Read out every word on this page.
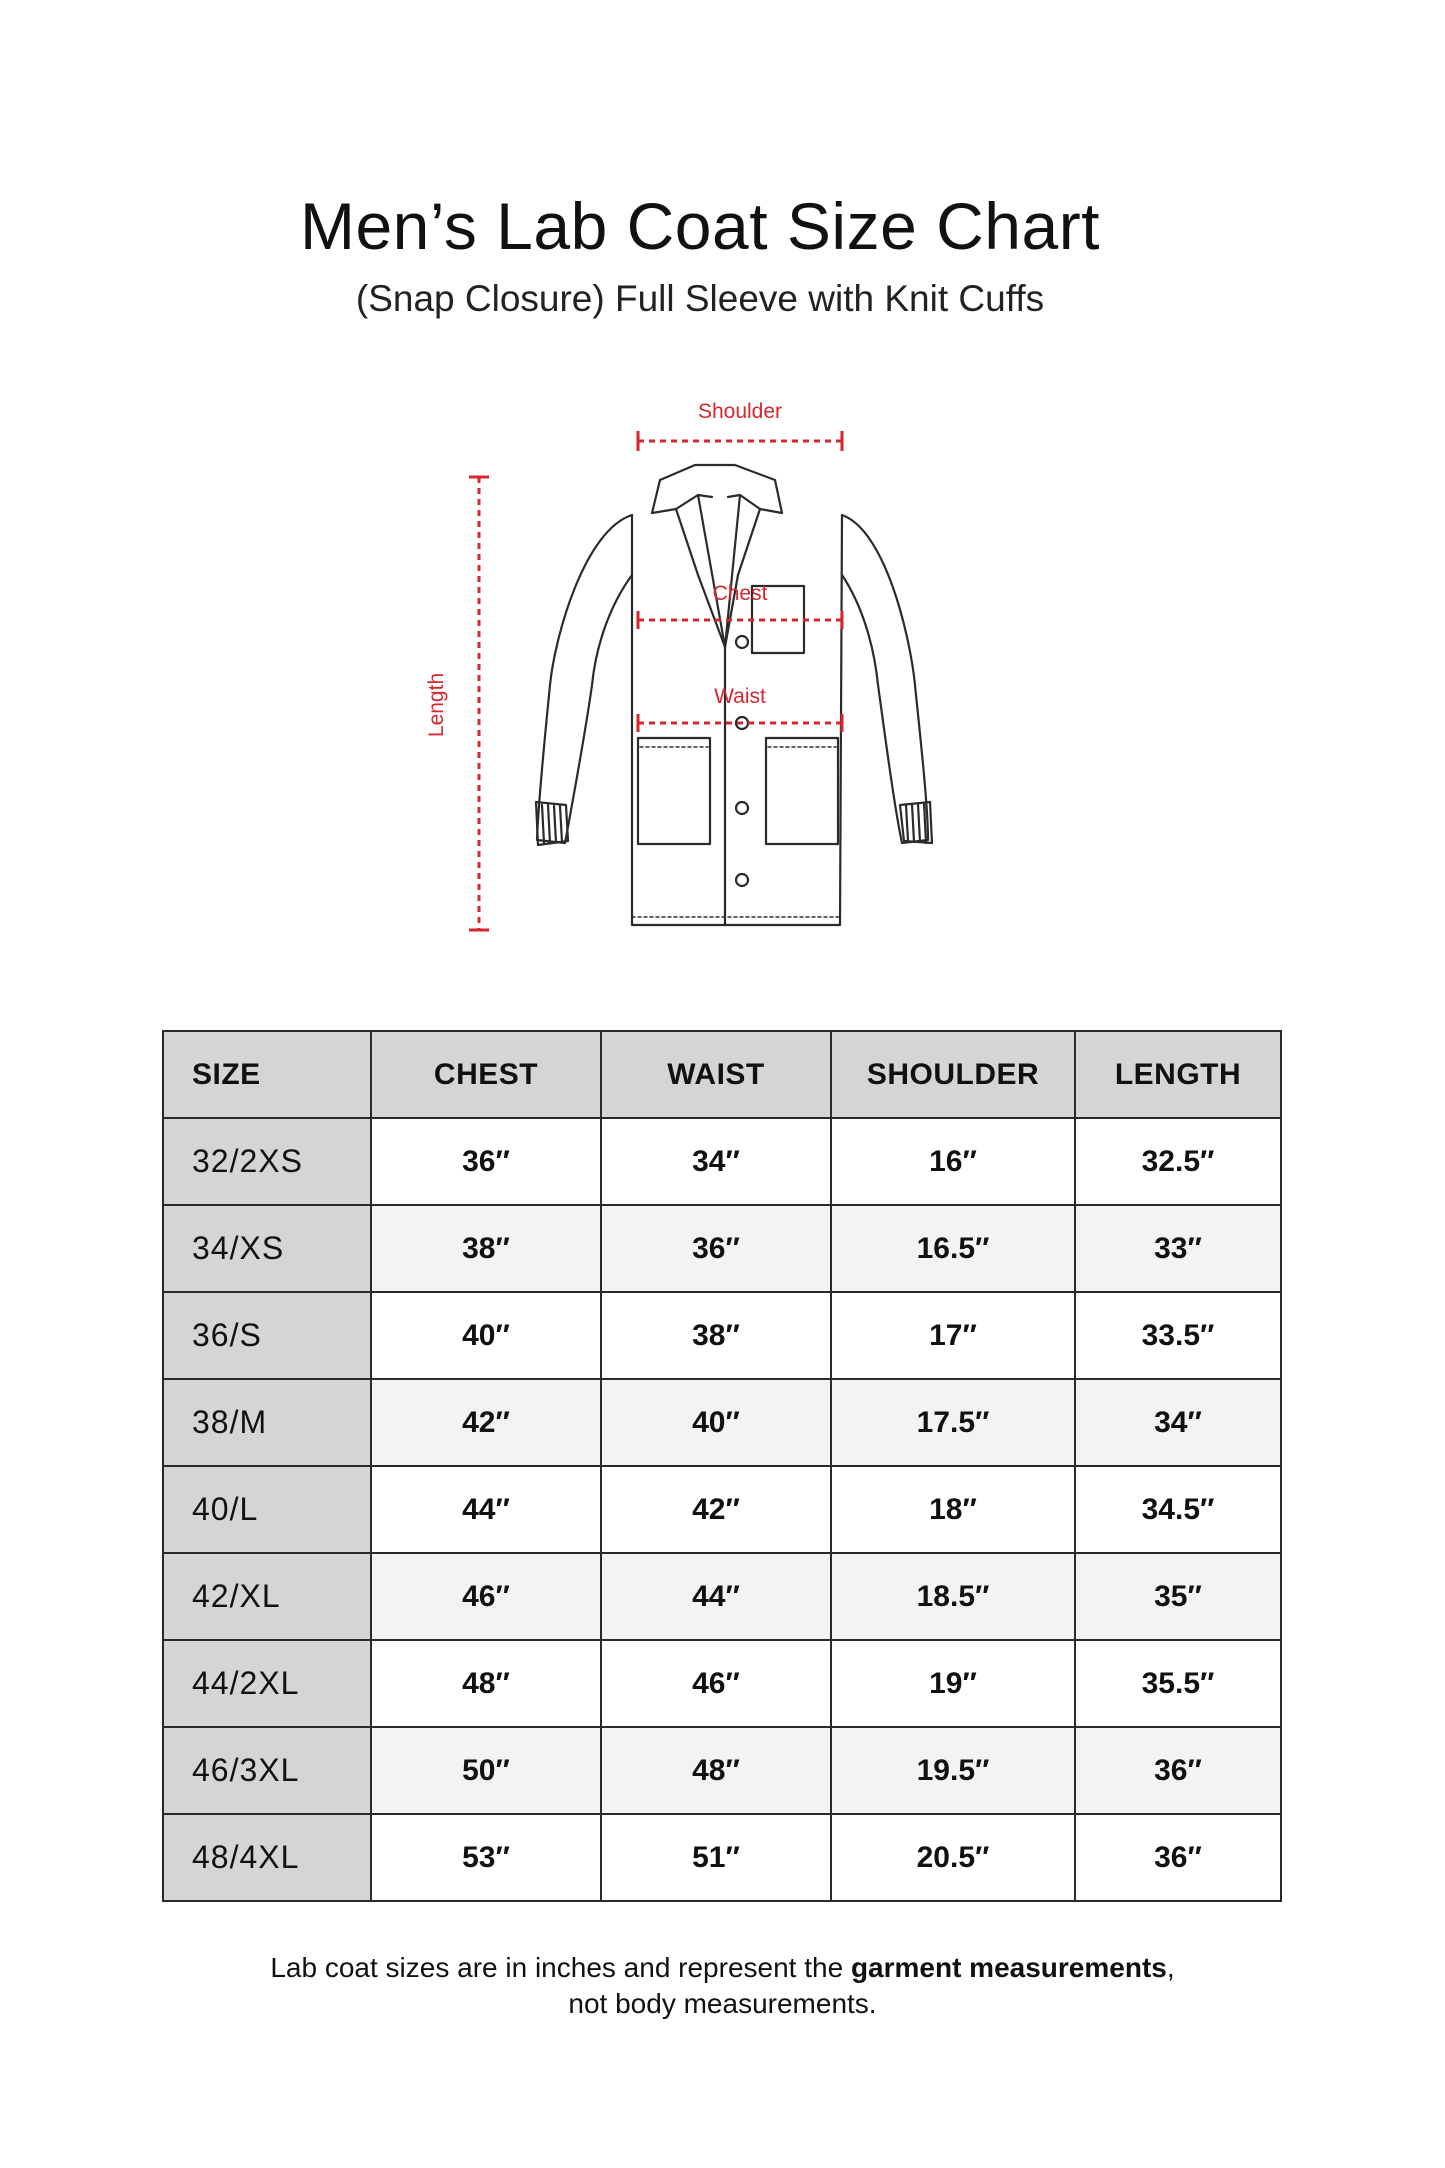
Men’s Lab Coat Size Chart
(Snap Closure) Full Sleeve with Knit Cuffs
Shoulder
Chest
Waist
Length
SIZE	CHEST	WAIST	SHOULDER	LENGTH
32/2XS	36″	34″	16″	32.5″
34/XS	38″	36″	16.5″	33″
36/S	40″	38″	17″	33.5″
38/M	42″	40″	17.5″	34″
40/L	44″	42″	18″	34.5″
42/XL	46″	44″	18.5″	35″
44/2XL	48″	46″	19″	35.5″
46/3XL	50″	48″	19.5″	36″
48/4XL	53″	51″	20.5″	36″
Lab coat sizes are in inches and represent the garment measurements,
not body measurements.
